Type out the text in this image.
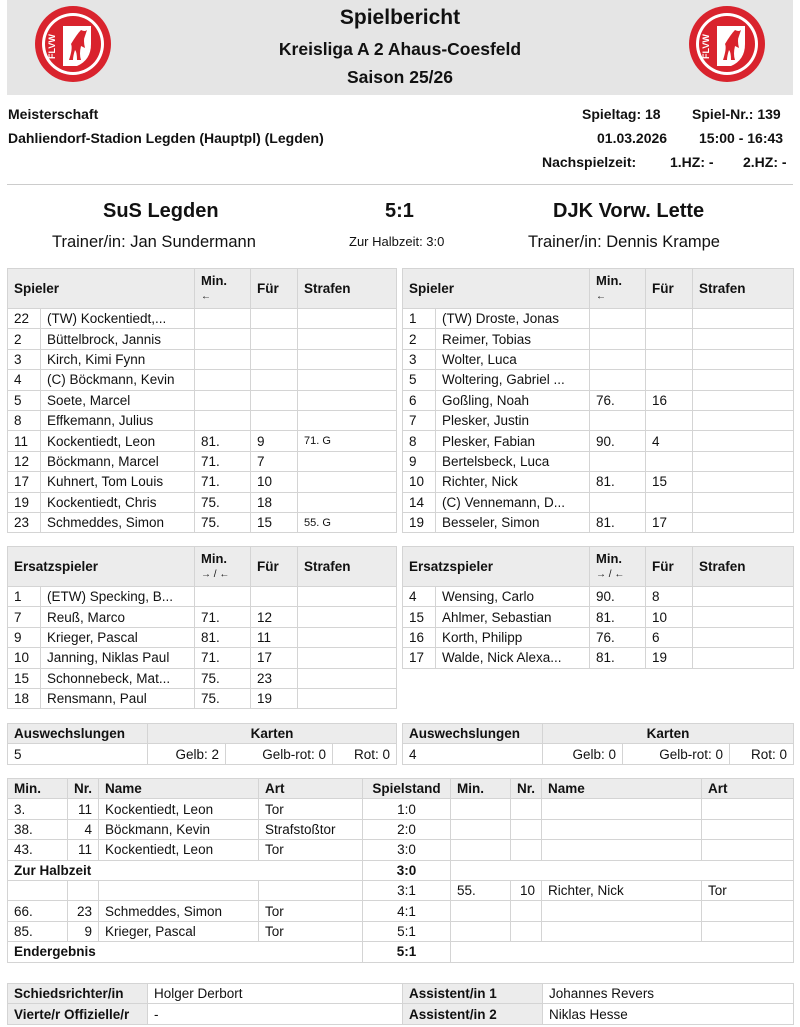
FLVW
Spielbericht
Kreisliga A 2 Ahaus-Coesfeld
Saison 25/26
FLVW
Meisterschaft
Dahliendorf-Stadion Legden (Hauptpl) (Legden)
Spieltag: 18 Spiel-Nr.: 139
01.03.2026 15:00 - 16:43
Nachspielzeit: 1.HZ: - 2.HZ: -
SuS Legden	5:1	DJK Vorw. Lette
Trainer/in: Jan Sundermann	Zur Halbzeit: 3:0	Trainer/in: Dennis Krampe
Spieler		Min.
←	Für	Strafen
22	(TW) Kockentiedt,...			
2	Büttelbrock, Jannis			
3	Kirch, Kimi Fynn			
4	(C) Böckmann, Kevin			
5	Soete, Marcel			
8	Effkemann, Julius			
11	Kockentiedt, Leon	81.	9	71. G
12	Böckmann, Marcel	71.	7	
17	Kuhnert, Tom Louis	71.	10	
19	Kockentiedt, Chris	75.	18	
23	Schmeddes, Simon	75.	15	55. G
Spieler		Min.
←	Für	Strafen
1	(TW) Droste, Jonas			
2	Reimer, Tobias			
3	Wolter, Luca			
5	Woltering, Gabriel ...			
6	Goßling, Noah	76.	16	
7	Plesker, Justin			
8	Plesker, Fabian	90.	4	
9	Bertelsbeck, Luca			
10	Richter, Nick	81.	15	
14	(C) Vennemann, D...			
19	Besseler, Simon	81.	17	
Ersatzspieler		Min.
→ / ←	Für	Strafen
1	(ETW) Specking, B...			
7	Reuß, Marco	71.	12	
9	Krieger, Pascal	81.	11	
10	Janning, Niklas Paul	71.	17	
15	Schonnebeck, Mat...	75.	23	
18	Rensmann, Paul	75.	19	
Ersatzspieler		Min.
→ / ←	Für	Strafen
4	Wensing, Carlo	90.	8	
15	Ahlmer, Sebastian	81.	10	
16	Korth, Philipp	76.	6	
17	Walde, Nick Alexa...	81.	19	
Auswechslungen	Karten		
5	Gelb: 2	Gelb-rot: 0	Rot: 0
Auswechslungen	Karten		
4	Gelb: 0	Gelb-rot: 0	Rot: 0
Min.	Nr.	Name	Art	Spielstand	Min.	Nr.	Name	Art
3.	11	Kockentiedt, Leon	Tor	1:0				
38.	4	Böckmann, Kevin	Strafstoßtor	2:0				
43.	11	Kockentiedt, Leon	Tor	3:0				
Zur Halbzeit				3:0				
				3:1	55.	10	Richter, Nick	Tor
66.	23	Schmeddes, Simon	Tor	4:1				
85.	9	Krieger, Pascal	Tor	5:1				
Endergebnis				5:1				
Schiedsrichter/in	Holger Derbort	Assistent/in 1	Johannes Revers
Vierte/r Offizielle/r	-	Assistent/in 2	Niklas Hesse
